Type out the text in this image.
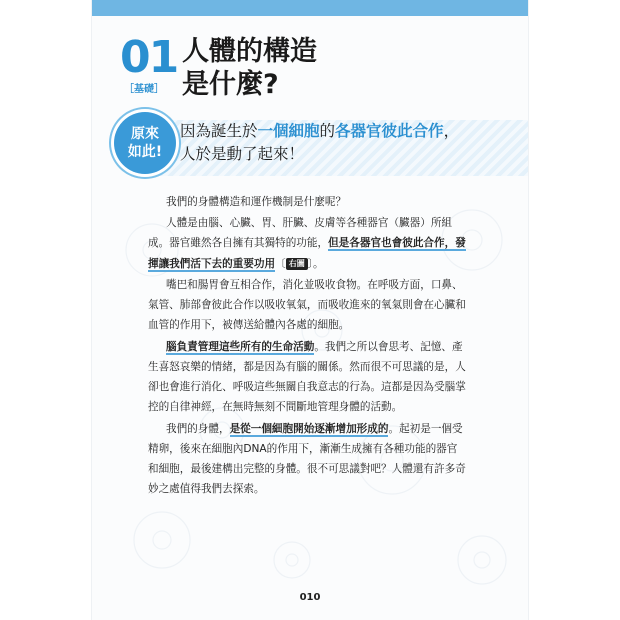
01
［基礎］
人體的構造
是什麼?
原來
如此!
因為誕生於一個細胞的各器官彼此合作，
人於是動了起來！
我們的身體構造和運作機制是什麼呢？
人體是由腦、心臟、胃、肝臟、皮膚等各種器官（臟器）所組
成。器官雖然各自擁有其獨特的功能，但是各器官也會彼此合作，發
揮讓我們活下去的重要功用〔 右圖 〕。
嘴巴和腸胃會互相合作，消化並吸收食物。在呼吸方面，口鼻、
氣管、肺部會彼此合作以吸收氧氣，而吸收進來的氧氣則會在心臟和
血管的作用下，被傳送給體內各處的細胞。
腦負責管理這些所有的生命活動。我們之所以會思考、記憶、產
生喜怒哀樂的情緒，都是因為有腦的關係。然而很不可思議的是，人
卻也會進行消化、呼吸這些無關自我意志的行為。這都是因為受腦掌
控的自律神經，在無時無刻不間斷地管理身體的活動。
我們的身體，是從一個細胞開始逐漸增加形成的。起初是一個受
精卵，後來在細胞內DNA的作用下，漸漸生成擁有各種功能的器官
和細胞，最後建構出完整的身體。很不可思議對吧？人體還有許多奇
妙之處值得我們去探索。
010
